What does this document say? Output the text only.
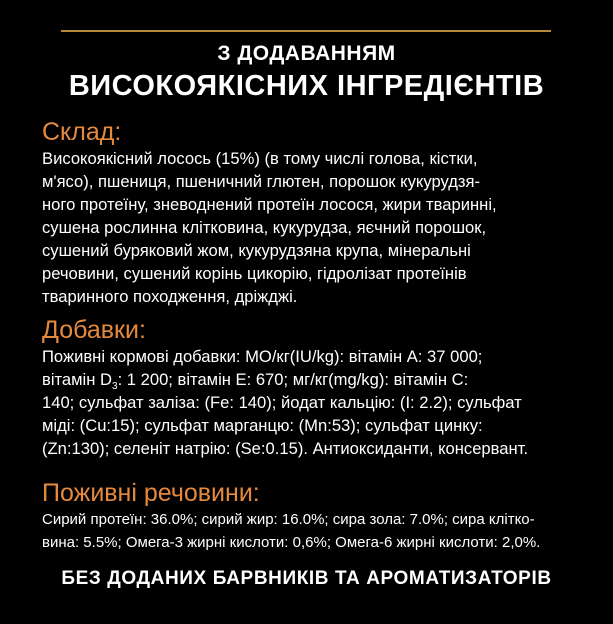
З ДОДАВАННЯМ
ВИСОКОЯКІСНИХ ІНГРЕДІЄНТІВ
Склад:
Високоякісний лосось (15%) (в тому числі голова, кістки,
м'ясо), пшениця, пшеничний глютен, порошок кукурудзя-
ного протеїну, зневоднений протеїн лосося, жири тваринні,
сушена рослинна клітковина, кукурудза, яєчний порошок,
сушений буряковий жом, кукурудзяна крупа, мінеральні
речовини, сушений корінь цикорію, гідролізат протеїнів
тваринного походження, дріжджі.
Добавки:
Поживні кормові добавки: МО/кг(IU/kg): вітамін А: 37 000;
вітамін $D_3$: 1 200; вітамін Е: 670; мг/кг(mg/kg): вітамін С:
140; сульфат заліза: (Fe: 140); йодат кальцію: (I: 2.2); сульфат
міді: (Cu:15); сульфат марганцю: (Mn:53); сульфат цинку:
(Zn:130); селеніт натрію: (Se:0.15). Антиоксиданти, консервант.
Поживні речовини:
Сирий протеїн: 36.0%; сирий жир: 16.0%; сира зола: 7.0%; сира клітко-
вина: 5.5%; Омега-3 жирні кислоти: 0,6%; Омега-6 жирні кислоти: 2,0%.
БЕЗ ДОДАНИХ БАРВНИКІВ ТА АРОМАТИЗАТОРІВ
